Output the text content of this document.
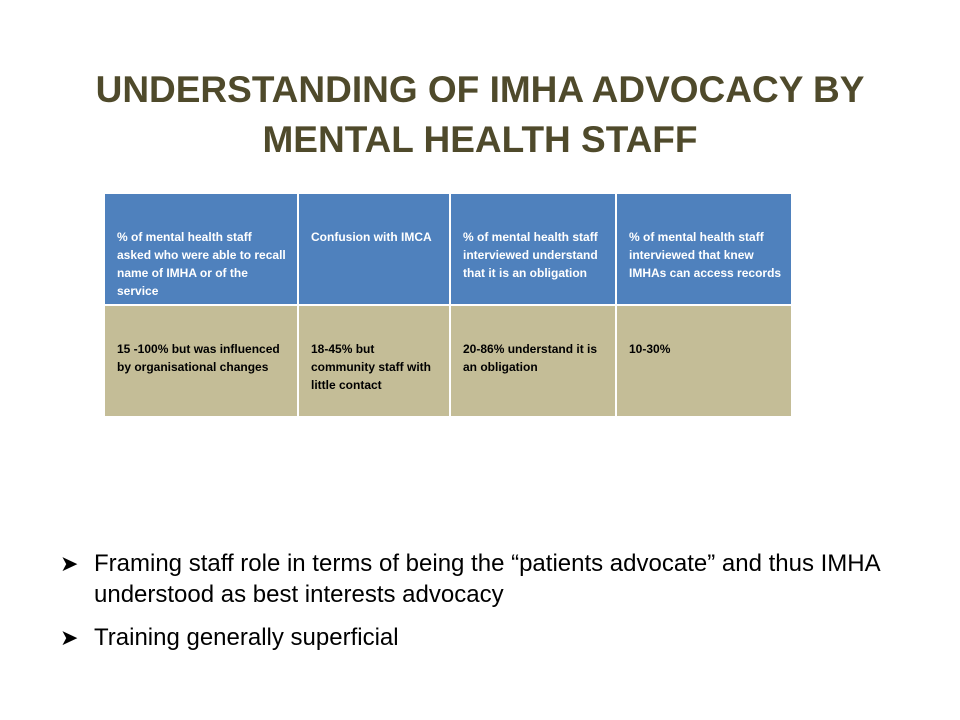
UNDERSTANDING OF IMHA ADVOCACY BY
MENTAL HEALTH STAFF
% of mental health staff asked who were able to recall name of IMHA or of the service	Confusion with IMCA	% of mental health staff interviewed understand that it is an obligation	% of mental health staff interviewed that knew IMHAs can access records
15 -100% but was influenced by organisational changes	18-45% but community staff with little contact	20-86% understand it is an obligation	10-30%
➤ Framing staff role in terms of being the “patients advocate” and thus IMHA understood as best interests advocacy
➤ Training generally superficial
